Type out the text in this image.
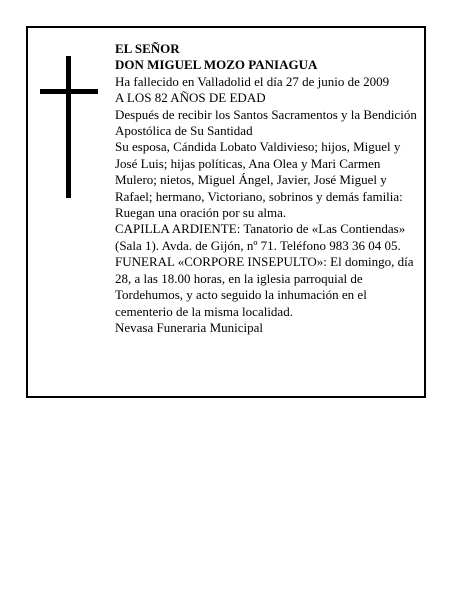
EL SEÑOR

DON MIGUEL MOZO PANIAGUA

Ha fallecido en Valladolid el día 27 de junio de 2009

A LOS 82 AÑOS DE EDAD

Después de recibir los Santos Sacramentos y la Bendición Apostólica de Su Santidad

Su esposa, Cándida Lobato Valdivieso; hijos, Miguel y José Luis; hijas políticas, Ana Olea y Mari Carmen Mulero; nietos, Miguel Ángel, Javier, José Miguel y Rafael; hermano, Victoriano, sobrinos y demás familia:

Ruegan una oración por su alma.

CAPILLA ARDIENTE: Tanatorio de «Las Contiendas» (Sala 1). Avda. de Gijón, nº 71. Teléfono 983 36 04 05.

FUNERAL «CORPORE INSEPULTO»: El domingo, día 28, a las 18.00 horas, en la iglesia parroquial de Tordehumos, y acto seguido la inhumación en el cementerio de la misma localidad.

Nevasa Funeraria Municipal
